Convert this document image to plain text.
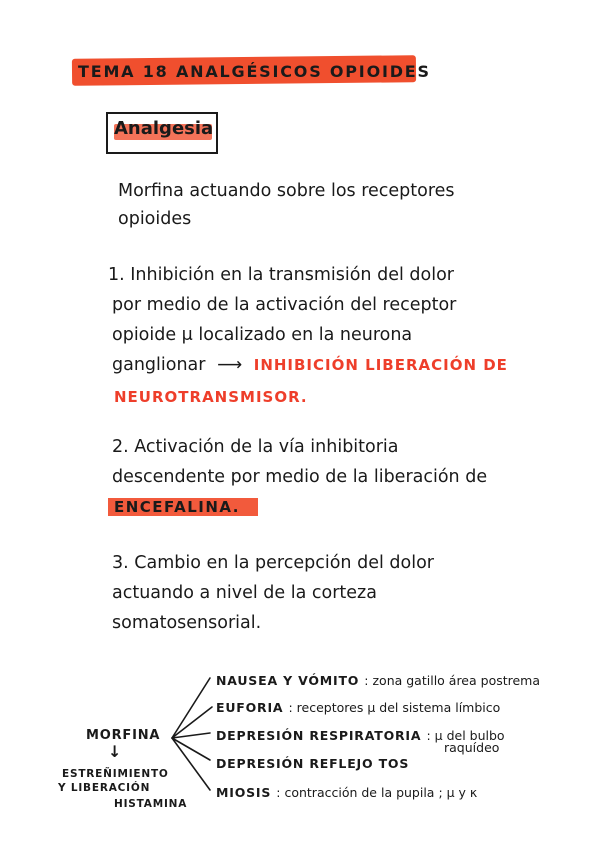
TEMA 18 ANALGÉSICOS OPIOIDES
Analgesia
Morfina actuando sobre los receptores
opioides
1. Inhibición en la transmisión del dolor
por medio de la activación del receptor
opioide μ localizado en la neurona
ganglionar ⟶ INHIBICIÓN LIBERACIÓN DE
NEUROTRANSMISOR.
2. Activación de la vía inhibitoria
descendente por medio de la liberación de
ENCEFALINA.
3. Cambio en la percepción del dolor
actuando a nivel de la corteza
somatosensorial.
MORFINA
↓
ESTREÑIMIENTO
Y LIBERACIÓN
HISTAMINA
NAUSEA Y VÓMITO : zona gatillo área postrema
EUFORIA : receptores μ del sistema límbico
DEPRESIÓN RESPIRATORIA : μ del bulbo
raquídeo
DEPRESIÓN REFLEJO TOS
MIOSIS : contracción de la pupila ; μ y κ
